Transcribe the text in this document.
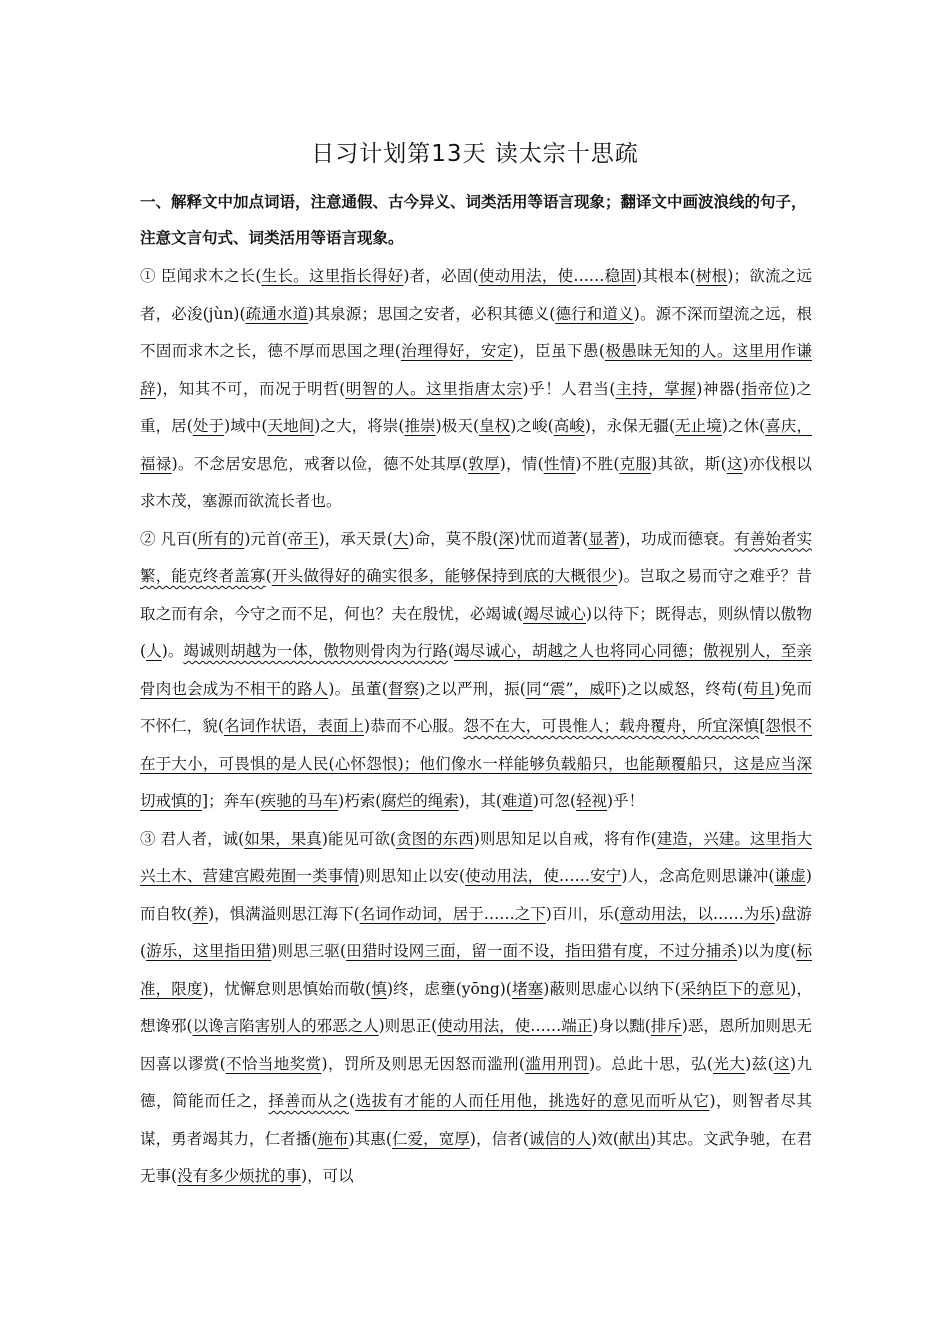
日习计划第13天 读太宗十思疏
一、解释文中加点词语，注意通假、古今异义、词类活用等语言现象；翻译文中画波浪线的句子，注意文言句式、词类活用等语言现象。
① 臣闻求木之长(生长。这里指长得好)者，必固(使动用法，使……稳固)其根本(树根)；欲流之远者，必浚(jùn)(疏通水道)其泉源；思国之安者，必积其德义(德行和道义)。源不深而望流之远，根不固而求木之长，德不厚而思国之理(治理得好，安定)，臣虽下愚(极愚昧无知的人。这里用作谦辞)，知其不可，而况于明哲(明智的人。这里指唐太宗)乎！人君当(主持，掌握)神器(指帝位)之重，居(处于)域中(天地间)之大，将崇(推崇)极天(皇权)之峻(高峻)，永保无疆(无止境)之休(喜庆，福禄)。不念居安思危，戒奢以俭，德不处其厚(敦厚)，情(性情)不胜(克服)其欲，斯(这)亦伐根以求木茂，塞源而欲流长者也。
② 凡百(所有的)元首(帝王)，承天景(大)命，莫不殷(深)忧而道著(显著)，功成而德衰。有善始者实繁，能克终者盖寡(开头做得好的确实很多，能够保持到底的大概很少)。岂取之易而守之难乎？昔取之而有余，今守之而不足，何也？夫在殷忧，必竭诚(竭尽诚心)以待下；既得志，则纵情以傲物(人)。竭诚则胡越为一体，傲物则骨肉为行路(竭尽诚心，胡越之人也将同心同德；傲视别人，至亲骨肉也会成为不相干的路人)。虽董(督察)之以严刑，振(同“震”，威吓)之以威怒，终苟(苟且)免而不怀仁，貌(名词作状语，表面上)恭而不心服。怨不在大，可畏惟人；载舟覆舟，所宜深慎[怨恨不在于大小，可畏惧的是人民(心怀怨恨)；他们像水一样能够负载船只，也能颠覆船只，这是应当深切戒慎的]；奔车(疾驰的马车)朽索(腐烂的绳索)，其(难道)可忽(轻视)乎！
③ 君人者，诚(如果，果真)能见可欲(贪图的东西)则思知足以自戒，将有作(建造，兴建。这里指大兴土木、营建宫殿苑囿一类事情)则思知止以安(使动用法，使……安宁)人，念高危则思谦冲(谦虚)而自牧(养)，惧满溢则思江海下(名词作动词，居于……之下)百川，乐(意动用法，以……为乐)盘游(游乐，这里指田猎)则思三驱(田猎时设网三面，留一面不设，指田猎有度，不过分捕杀)以为度(标准，限度)，忧懈怠则思慎始而敬(慎)终，虑壅(yōng)(堵塞)蔽则思虚心以纳下(采纳臣下的意见)，想谗邪(以谗言陷害别人的邪恶之人)则思正(使动用法，使……端正)身以黜(排斥)恶，恩所加则思无因喜以谬赏(不恰当地奖赏)，罚所及则思无因怒而滥刑(滥用刑罚)。总此十思，弘(光大)兹(这)九德，简能而任之，择善而从之(选拔有才能的人而任用他，挑选好的意见而听从它)，则智者尽其谋，勇者竭其力，仁者播(施布)其惠(仁爱，宽厚)，信者(诚信的人)效(献出)其忠。文武争驰，在君无事(没有多少烦扰的事)，可以
